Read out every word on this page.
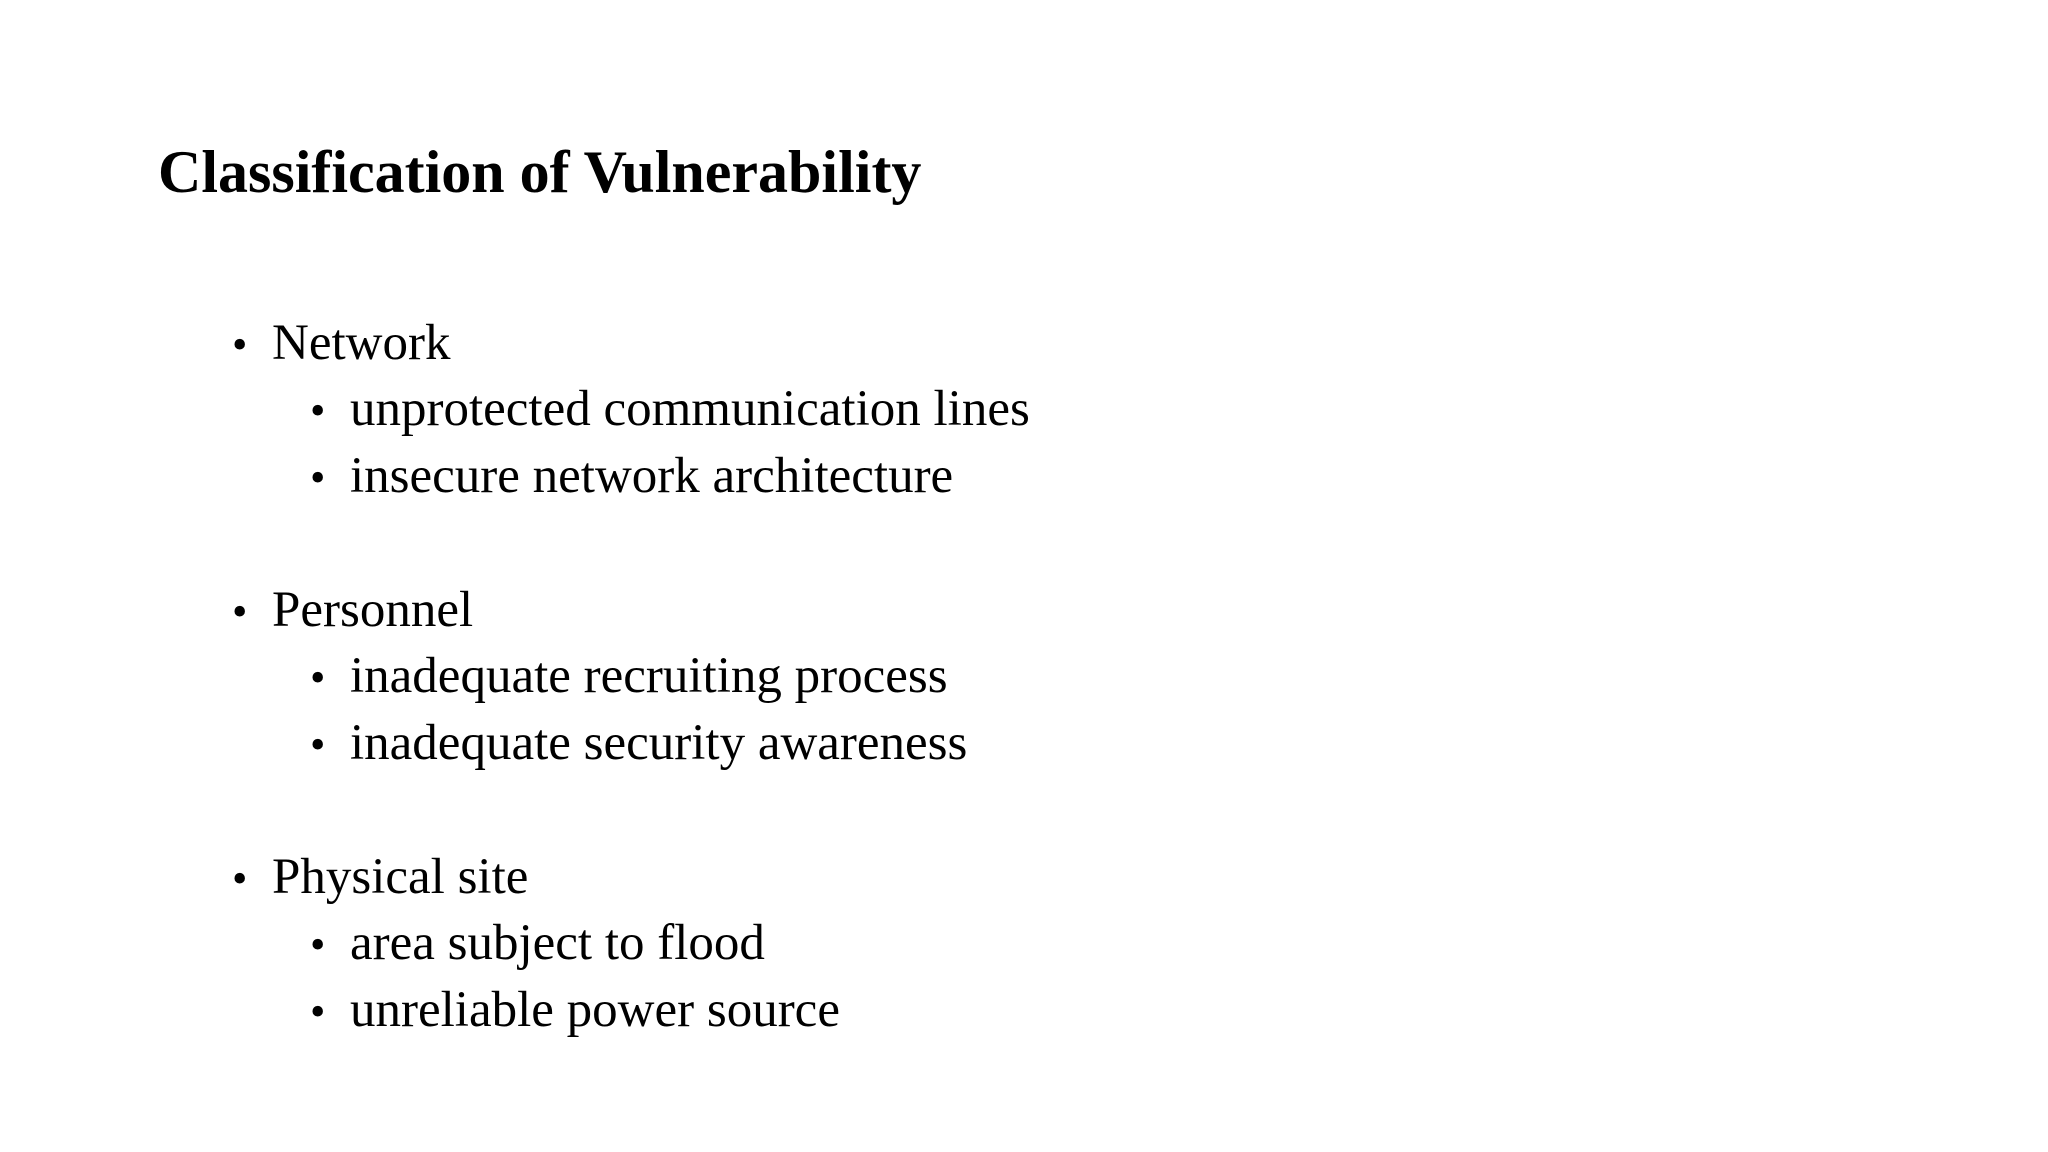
Classification of Vulnerability
• Network
• unprotected communication lines
• insecure network architecture
• Personnel
• inadequate recruiting process
• inadequate security awareness
• Physical site
• area subject to flood
• unreliable power source
